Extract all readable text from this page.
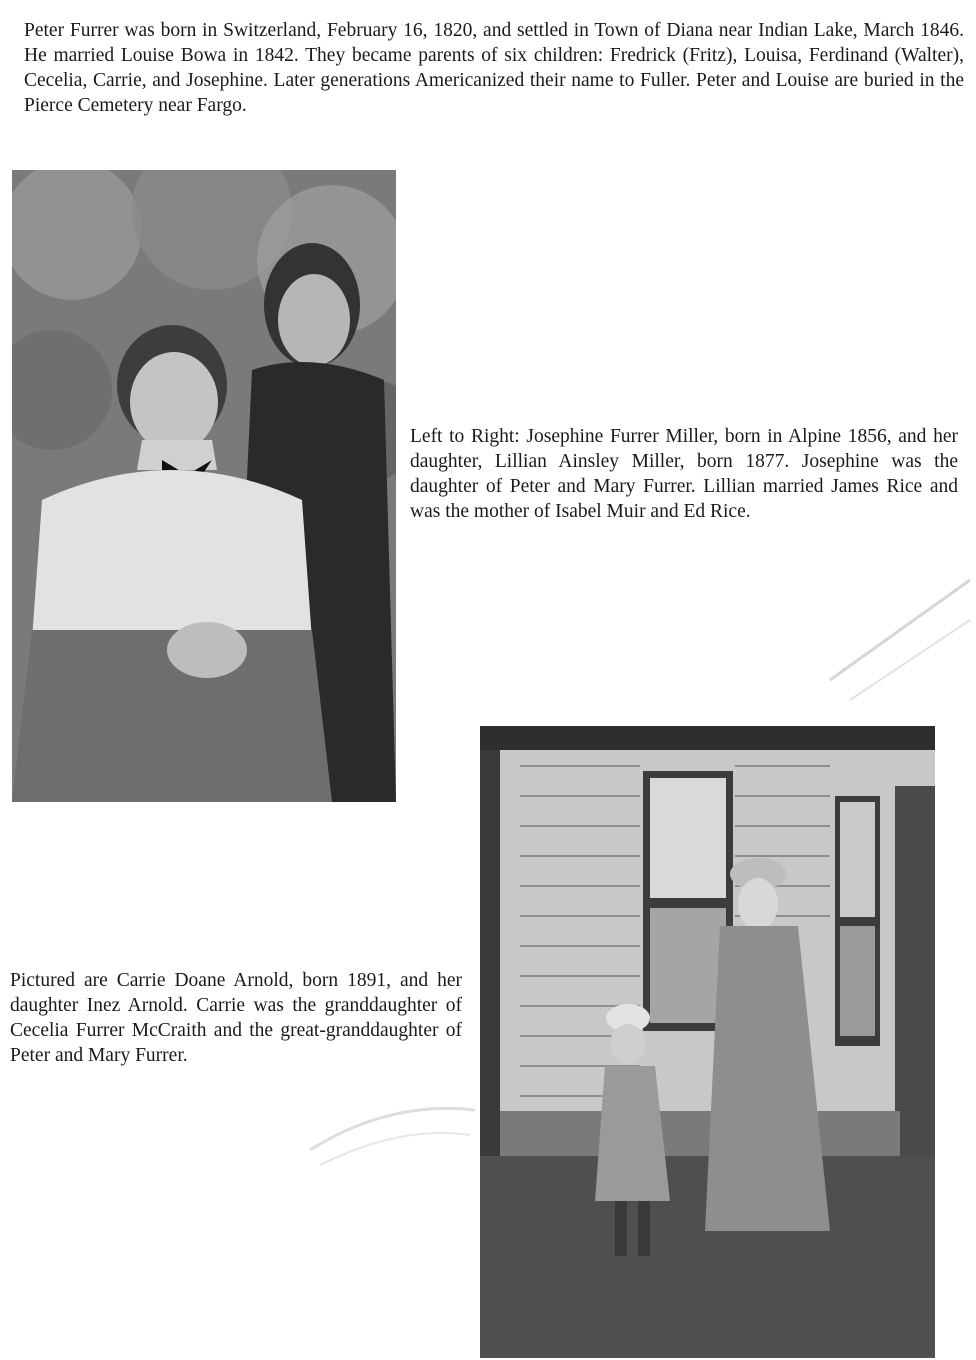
Peter Furrer was born in Switzerland, February 16, 1820, and settled in Town of Diana near Indian Lake, March 1846. He married Louise Bowa in 1842. They became parents of six children: Fredrick (Fritz), Louisa, Ferdinand (Walter), Cecelia, Carrie, and Josephine. Later generations Americanized their name to Fuller. Peter and Louise are buried in the Pierce Cemetery near Fargo.

Left to Right: Josephine Furrer Miller, born in Alpine 1856, and her daughter, Lillian Ainsley Miller, born 1877. Josephine was the daughter of Peter and Mary Furrer. Lillian married James Rice and was the mother of Isabel Muir and Ed Rice.

Pictured are Carrie Doane Arnold, born 1891, and her daughter Inez Arnold. Carrie was the granddaughter of Cecelia Furrer McCraith and the great-granddaughter of Peter and Mary Furrer.
